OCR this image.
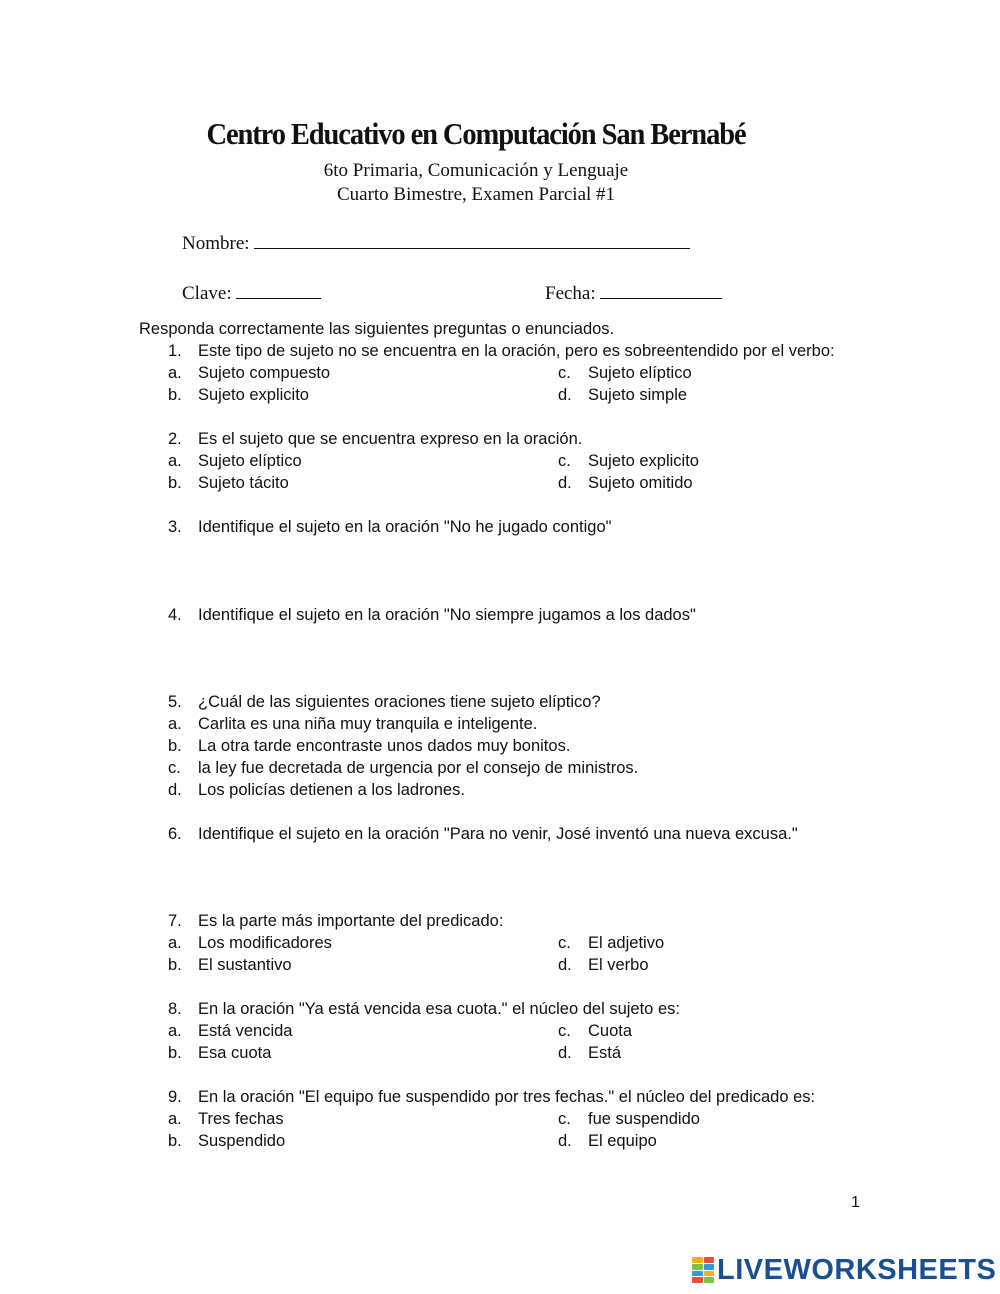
Centro Educativo en Computación San Bernabé
6to Primaria, Comunicación y Lenguaje
Cuarto Bimestre, Examen Parcial #1
Nombre:
Clave:	Fecha:
Responda correctamente las siguientes preguntas o enunciados.
1. Este tipo de sujeto no se encuentra en la oración, pero es sobreentendido por el verbo:
a. Sujeto compuesto
b. Sujeto explicito
c.	Sujeto elíptico
d. Sujeto simple
2. Es el sujeto que se encuentra expreso en la oración.
a. Sujeto elíptico
b. Sujeto tácito
c.	Sujeto explicito
d. Sujeto omitido
3. Identifique el sujeto en la oración "No he jugado contigo"
4. Identifique el sujeto en la oración "No siempre jugamos a los dados"
5. ¿Cuál de las siguientes oraciones tiene sujeto elíptico?
a. Carlita es una niña muy tranquila e inteligente.
b. La otra tarde encontraste unos dados muy bonitos.
c.	la ley fue decretada de urgencia por el consejo de ministros.
d. Los policías detienen a los ladrones.
6. Identifique el sujeto en la oración "Para no venir, José inventó una nueva excusa."
7. Es la parte más importante del predicado:
a. Los modificadores
b. El sustantivo
c.	El adjetivo
d. El verbo
8. En la oración "Ya está vencida esa cuota." el núcleo del sujeto es:
a. Está vencida
b. Esa cuota
c.	Cuota
d. Está
9. En la oración "El equipo fue suspendido por tres fechas." el núcleo del predicado es:
a. Tres fechas
b. Suspendido
c.	fue suspendido
d. El equipo
1
LIVEWORKSHEETS
